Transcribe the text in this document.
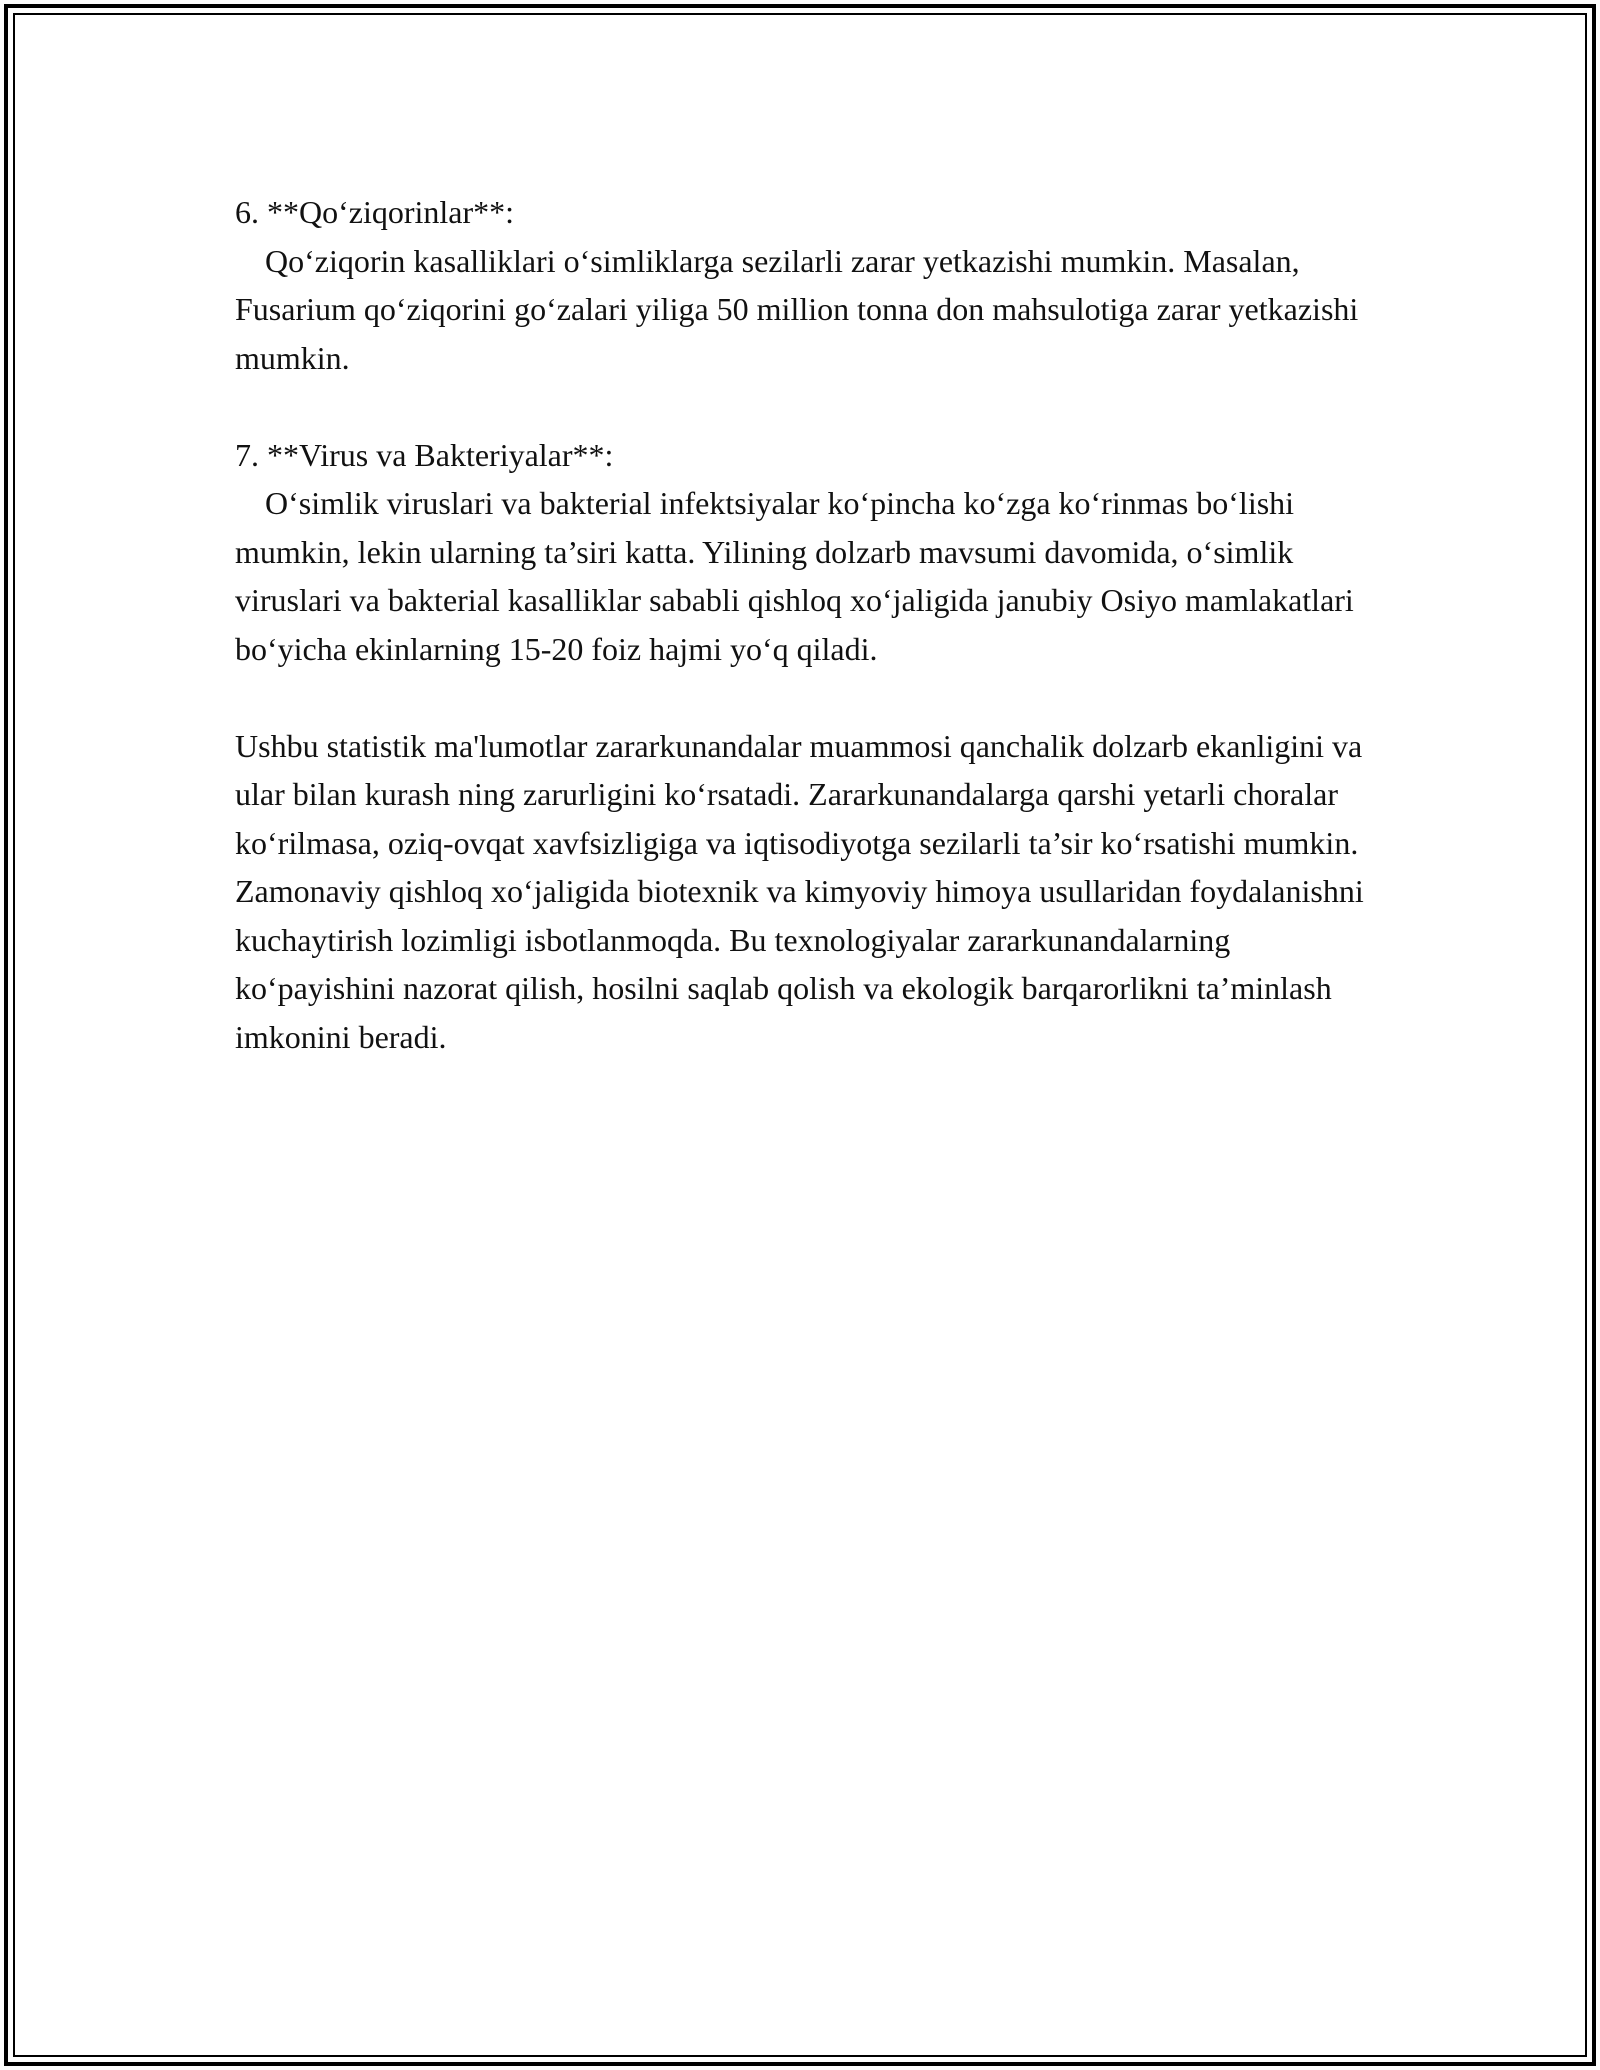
6. **Qo‘ziqorinlar**:

Qo‘ziqorin kasalliklari o‘simliklarga sezilarli zarar yetkazishi mumkin. Masalan, Fusarium qo‘ziqorini go‘zalari yiliga 50 million tonna don mahsulotiga zarar yetkazishi mumkin.

7. **Virus va Bakteriyalar**:

O‘simlik viruslari va bakterial infektsiyalar ko‘pincha ko‘zga ko‘rinmas bo‘lishi mumkin, lekin ularning ta’siri katta. Yilining dolzarb mavsumi davomida, o‘simlik viruslari va bakterial kasalliklar sababli qishloq xo‘jaligida janubiy Osiyo mamlakatlari bo‘yicha ekinlarning 15-20 foiz hajmi yo‘q qiladi.

Ushbu statistik ma'lumotlar zararkunandalar muammosi qanchalik dolzarb ekanligini va ular bilan kurash ning zarurligini ko‘rsatadi. Zararkunandalarga qarshi yetarli choralar ko‘rilmasa, oziq-ovqat xavfsizligiga va iqtisodiyotga sezilarli ta’sir ko‘rsatishi mumkin. Zamonaviy qishloq xo‘jaligida biotexnik va kimyoviy himoya usullaridan foydalanishni kuchaytirish lozimligi isbotlanmoqda. Bu texnologiyalar zararkunandalarning ko‘payishini nazorat qilish, hosilni saqlab qolish va ekologik barqarorlikni ta’minlash imkonini beradi.
